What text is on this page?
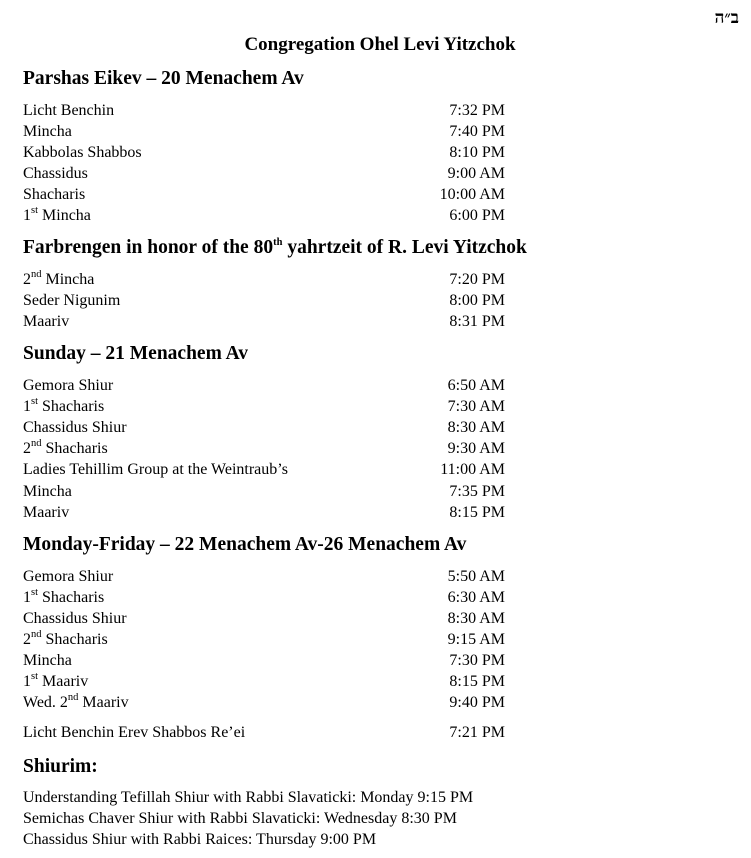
ב״ה
Congregation Ohel Levi Yitzchok
Parshas Eikev – 20 Menachem Av
Licht Benchin	7:32 PM
Mincha	7:40 PM
Kabbolas Shabbos	8:10 PM
Chassidus	9:00 AM
Shacharis	10:00 AM
1st Mincha	6:00 PM
Farbrengen in honor of the 80th yahrtzeit of R. Levi Yitzchok
2nd Mincha	7:20 PM
Seder Nigunim	8:00 PM
Maariv	8:31 PM
Sunday – 21 Menachem Av
Gemora Shiur	6:50 AM
1st Shacharis	7:30 AM
Chassidus Shiur	8:30 AM
2nd Shacharis	9:30 AM
Ladies Tehillim Group at the Weintraub’s	11:00 AM
Mincha	7:35 PM
Maariv	8:15 PM
Monday-Friday – 22 Menachem Av-26 Menachem Av
Gemora Shiur	5:50 AM
1st Shacharis	6:30 AM
Chassidus Shiur	8:30 AM
2nd Shacharis	9:15 AM
Mincha	7:30 PM
1st Maariv	8:15 PM
Wed. 2nd Maariv	9:40 PM
Licht Benchin Erev Shabbos Re’ei	7:21 PM
Shiurim:
Understanding Tefillah Shiur with Rabbi Slavaticki: Monday 9:15 PM
Semichas Chaver Shiur with Rabbi Slavaticki: Wednesday 8:30 PM
Chassidus Shiur with Rabbi Raices: Thursday 9:00 PM
